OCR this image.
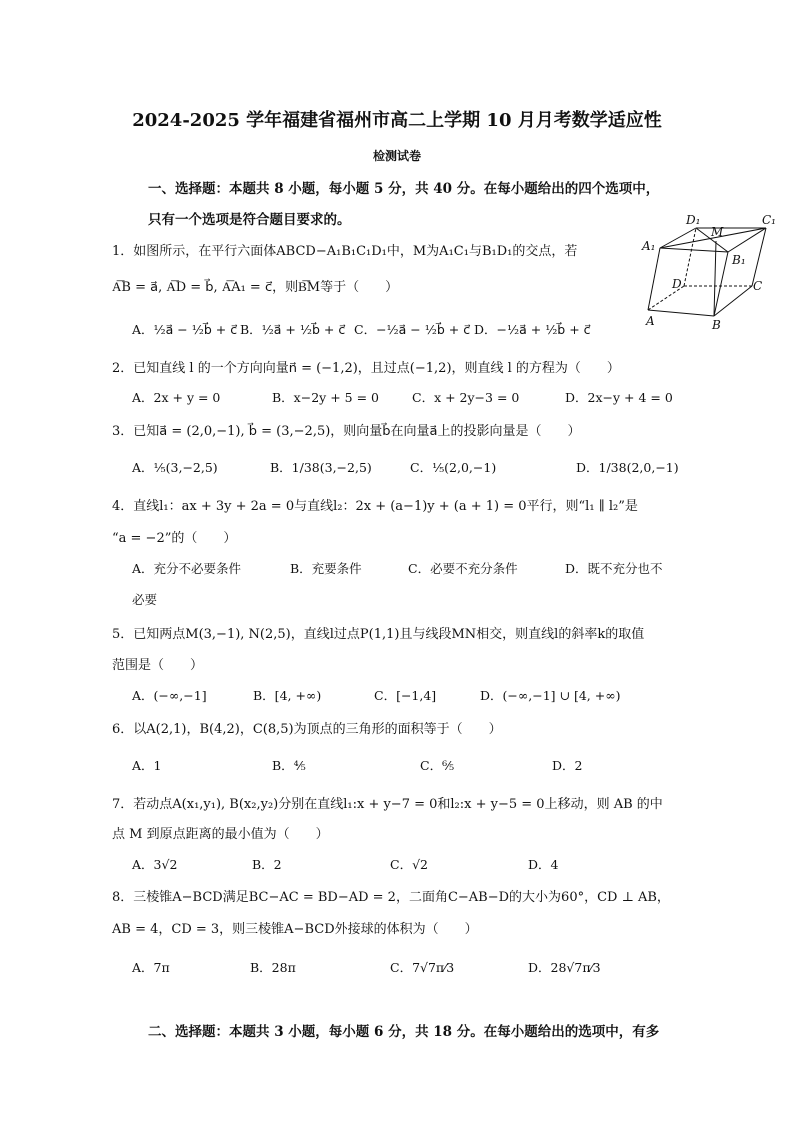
2024-2025 学年福建省福州市高二上学期 10 月月考数学适应性
检测试卷
一、选择题：本题共 8 小题，每小题 5 分，共 40 分。在每小题给出的四个选项中，
只有一个选项是符合题目要求的。	D₁	C₁
A₁
B₁
M
D	C
A	B
1．如图所示，在平行六面体ABCD−A₁B₁C₁D₁中，M为A₁C₁与B₁D₁的交点，若
A͞B = a⃗, A͞D = b⃗, A͞A₁ = c⃗，则B͞M等于（　　）
A．½a⃗ − ½b⃗ + c⃗ B．½a⃗ + ½b⃗ + c⃗ C．−½a⃗ − ½b⃗ + c⃗ D．−½a⃗ + ½b⃗ + c⃗
2．已知直线 l 的一个方向向量n⃗ = (−1,2)，且过点(−1,2)，则直线 l 的方程为（　　）
A．2x + y = 0	B．x−2y + 5 = 0	C．x + 2y−3 = 0	D．2x−y + 4 = 0
3．已知a⃗ = (2,0,−1), b⃗ = (3,−2,5)，则向量b⃗在向量a⃗上的投影向量是（　　）
A．⅕(3,−2,5)	B．1/38(3,−2,5)	C．⅕(2,0,−1)	D．1/38(2,0,−1)
4．直线l₁：ax + 3y + 2a = 0与直线l₂：2x + (a−1)y + (a + 1) = 0平行，则“l₁ ∥ l₂”是
“a = −2”的（　　）
A．充分不必要条件	B．充要条件	C．必要不充分条件	D．既不充分也不
必要
5．已知两点M(3,−1), N(2,5)，直线l过点P(1,1)且与线段MN相交，则直线l的斜率k的取值
范围是（　　）
A．(−∞,−1]	B．[4, +∞)	C．[−1,4]	D．(−∞,−1] ∪ [4, +∞)
6．以A(2,1)，B(4,2)，C(8,5)为顶点的三角形的面积等于（　　）
A．1	B．⁴⁄₅	C．⁶⁄₅	D．2
7．若动点A(x₁,y₁), B(x₂,y₂)分别在直线l₁:x + y−7 = 0和l₂:x + y−5 = 0上移动，则 AB 的中
点 M 到原点距离的最小值为（　　）
A．3√2	B．2	C．√2	D．4
8．三棱锥A−BCD满足BC−AC = BD−AD = 2，二面角C−AB−D的大小为60°，CD ⊥ AB，
AB = 4，CD = 3，则三棱锥A−BCD外接球的体积为（　　）
A．7π	B．28π	C．7√7π⁄3	D．28√7π⁄3
二、选择题：本题共 3 小题，每小题 6 分，共 18 分。在每小题给出的选项中，有多
